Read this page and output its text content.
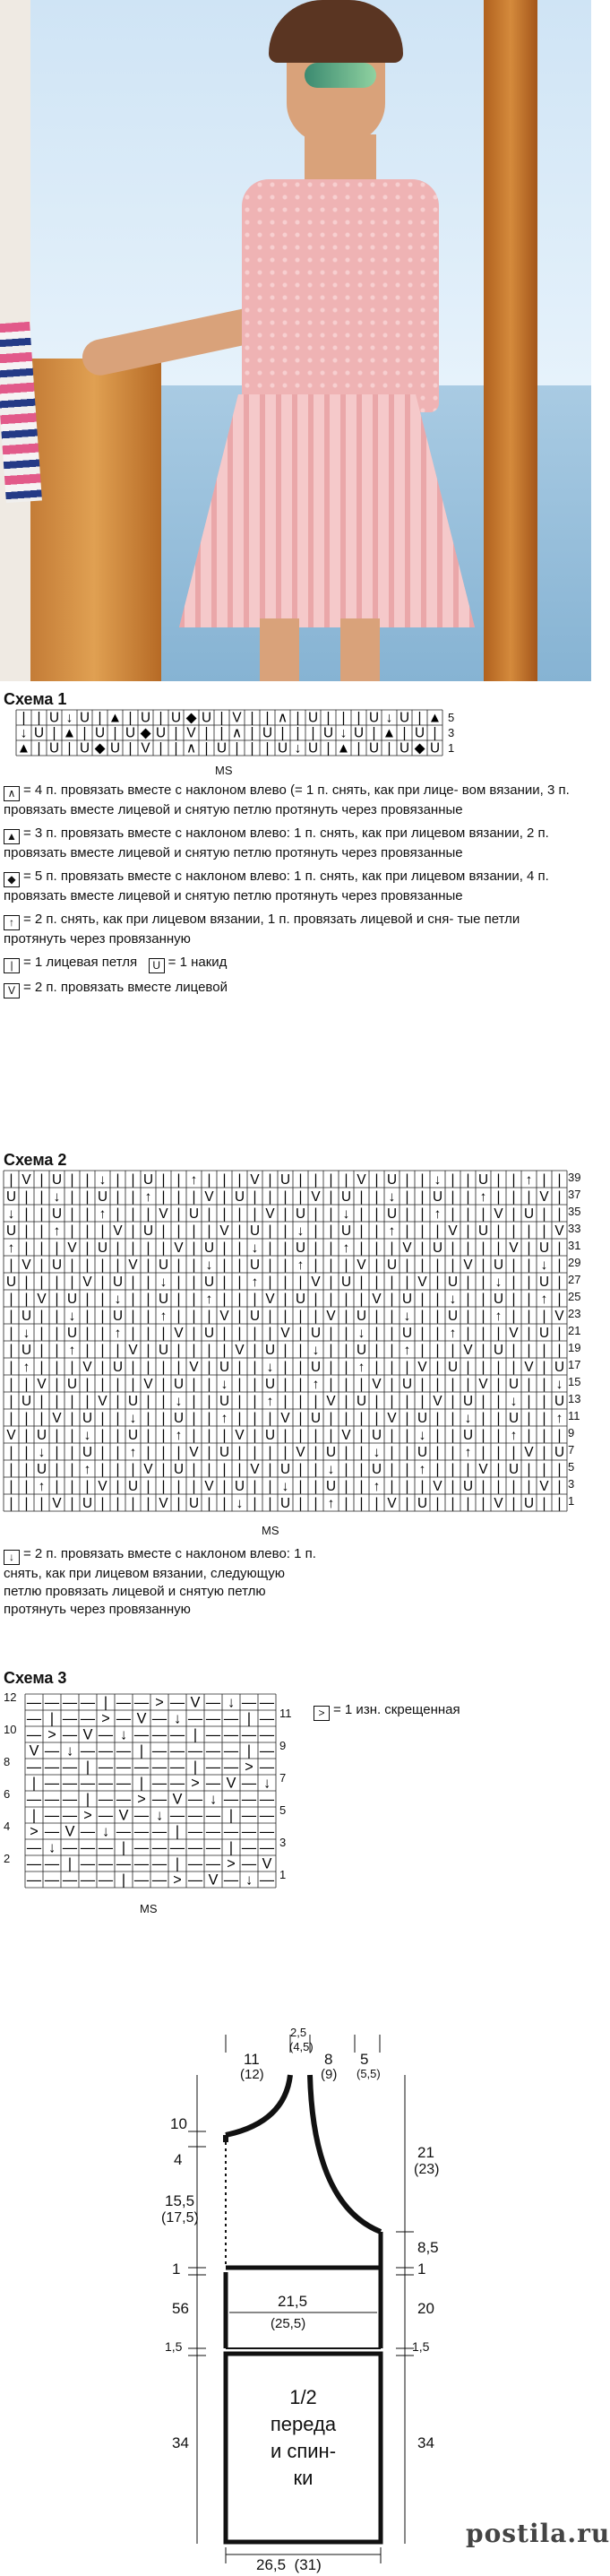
Схема 1
| | U ↓ U | ▲ | U | U ◆ U | V | | ∧ | U | | | U ↓ U | ▲
↓ U | ▲ | U | U ◆ U | V | | ∧ | U | | | U ↓ U | ▲ | U |
▲ | U | U ◆ U | V | | ∧ | U | | | U ↓ U | ▲ | U | U ◆ U
5
3
1
MS
∧ = 4 п. провязать вместе с наклоном влево (= 1 п. снять, как при лице- вом вязании, 3 п. провязать вместе лицевой и снятую петлю протянуть через провязанные
▲ = 3 п. провязать вместе с наклоном влево: 1 п. снять, как при лицевом вязании, 2 п. провязать вместе лицевой и снятую петлю протянуть через провязанные
◆ = 5 п. провязать вместе с наклоном влево: 1 п. снять, как при лицевом вязании, 4 п. провязать вместе лицевой и снятую петлю протянуть через провязанные
↑ = 2 п. снять, как при лицевом вязании, 1 п. провязать лицевой и сня- тые петли протянуть через провязанную
| = 1 лицевая петля U = 1 накид
V = 2 п. провязать вместе лицевой
Схема 2
| V | U | | ↓ | | U | | ↑ | | | V | U | | | | V | U | | ↓ | | U | | ↑ | |
U | | ↓ | | U | | ↑ | | | V | U | | | | V | U | | ↓ | | U | | ↑ | | | V |
↓ | | U | | ↑ | | | V | U | | | | V | U | | ↓ | | U | | ↑ | | | V | U | |
U | | ↑ | | | V | U | | | | V | U | | ↓ | | U | | ↑ | | | V | U | | | | V
↑ | | | V | U | | | | V | U | | ↓ | | U | | ↑ | | | V | U | | | | V | U |
| V | U | | | | V | U | | ↓ | | U | | ↑ | | | V | U | | | | V | U | | ↓ |
U | | | | V | U | | ↓ | | U | | ↑ | | | V | U | | | | V | U | | ↓ | | U |
| | V | U | | ↓ | | U | | ↑ | | | V | U | | | | V | U | | ↓ | | U | | ↑ |
| U | | ↓ | | U | | ↑ | | | V | U | | | | V | U | | ↓ | | U | | ↑ | | | V
| ↓ | | U | | ↑ | | | V | U | | | | V | U | | ↓ | | U | | ↑ | | | V | U |
| U | | ↑ | | | V | U | | | | V | U | | ↓ | | U | | ↑ | | | V | U | | | |
| ↑ | | | V | U | | | | V | U | | ↓ | | U | | ↑ | | | V | U | | | | V | U
| | V | U | | | | V | U | | ↓ | | U | | ↑ | | | V | U | | | | V | U | | ↓
| U | | | | V | U | | ↓ | | U | | ↑ | | | V | U | | | | V | U | | ↓ | | U
| | | V | U | | ↓ | | U | | ↑ | | | V | U | | | | V | U | | ↓ | | U | | ↑
V | U | | ↓ | | U | | ↑ | | | V | U | | | | V | U | | ↓ | | U | | ↑ | | |
| | ↓ | | U | | ↑ | | | V | U | | | | V | U | | ↓ | | U | | ↑ | | | V | U
| | U | | ↑ | | | V | U | | | | V | U | | ↓ | | U | | ↑ | | | V | U | | |
| | ↑ | | | V | U | | | | V | U | | ↓ | | U | | ↑ | | | V | U | | | | V |
| | | V | U | | | | V | U | | ↓ | | U | | ↑ | | | V | U | | | | V | U | |
39
37
35
33
31
29
27
25
23
21
19
17
15
13
11
9
7
5
3
1
MS
↓ = 2 п. провязать вместе с наклоном влево: 1 п. снять, как при лицевом вязании, следующую петлю провязать лицевой и снятую петлю протянуть через провязанную
Схема 3
12
10
8
6
4
2
— — — — | — — > — V — ↓ — —
— | — — > — V — ↓ — — — | —
— > — V — ↓ — — — | — — — —
V — ↓ — — — | — — — — — | —
— — — | — — — — — | — — > —
| — — — — — | — — > — V — ↓
— — — | — — > — V — ↓ — — —
| — — > — V — ↓ — — — | — —
> — V — ↓ — — — | — — — — —
— ↓ — — — | — — — — — | — —
— — | — — — — — | — — > — V
— — — — — | — — > — V — ↓ —
11
9
7
5
3
1
MS
> = 1 изн. скрещенная
11
(12)
2,5
(4,5)
8
(9)
5
(5,5)
10
4
15,5
(17,5)
1
56
1,5
34
21
(23)
8,5
1
20
1,5
34
21,5
(25,5)
1/2
переда
и спин-
ки
26,5  (31)
postila.ru
